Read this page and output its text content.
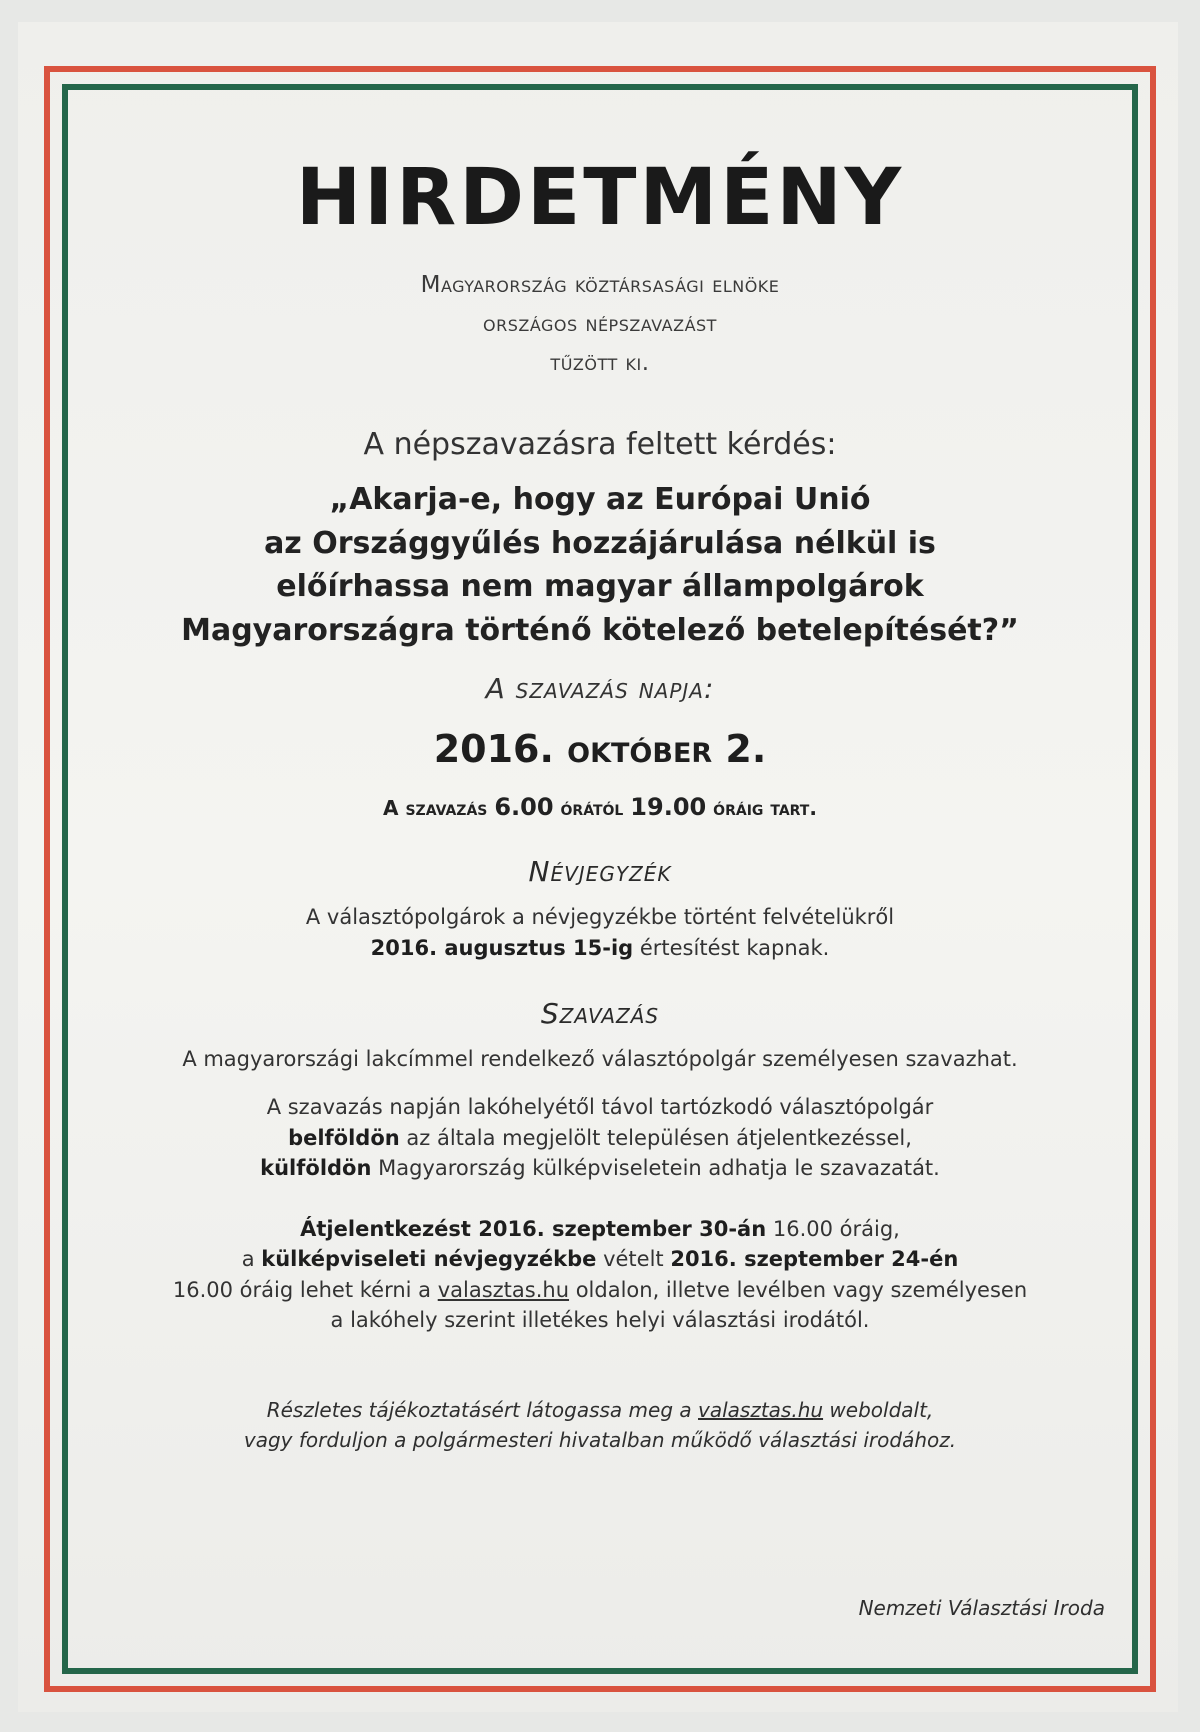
HIRDETMÉNY
Magyarország köztársasági elnöke
országos népszavazást
tűzött ki.
A népszavazásra feltett kérdés:
„Akarja-e, hogy az Európai Unió
az Országgyűlés hozzájárulása nélkül is
előírhassa nem magyar állampolgárok
Magyarországra történő kötelező betelepítését?”
A szavazás napja:
2016. október 2.
A szavazás 6.00 órától 19.00 óráig tart.
Névjegyzék
A választópolgárok a névjegyzékbe történt felvételükről
2016. augusztus 15-ig értesítést kapnak.
Szavazás
A magyarországi lakcímmel rendelkező választópolgár személyesen szavazhat.
A szavazás napján lakóhelyétől távol tartózkodó választópolgár
belföldön az általa megjelölt településen átjelentkezéssel,
külföldön Magyarország külképviseletein adhatja le szavazatát.
Átjelentkezést 2016. szeptember 30-án 16.00 óráig,
a külképviseleti névjegyzékbe vételt 2016. szeptember 24-én
16.00 óráig lehet kérni a valasztas.hu oldalon, illetve levélben vagy személyesen
a lakóhely szerint illetékes helyi választási irodától.
Részletes tájékoztatásért látogassa meg a valasztas.hu weboldalt,
vagy forduljon a polgármesteri hivatalban működő választási irodához.
Nemzeti Választási Iroda
